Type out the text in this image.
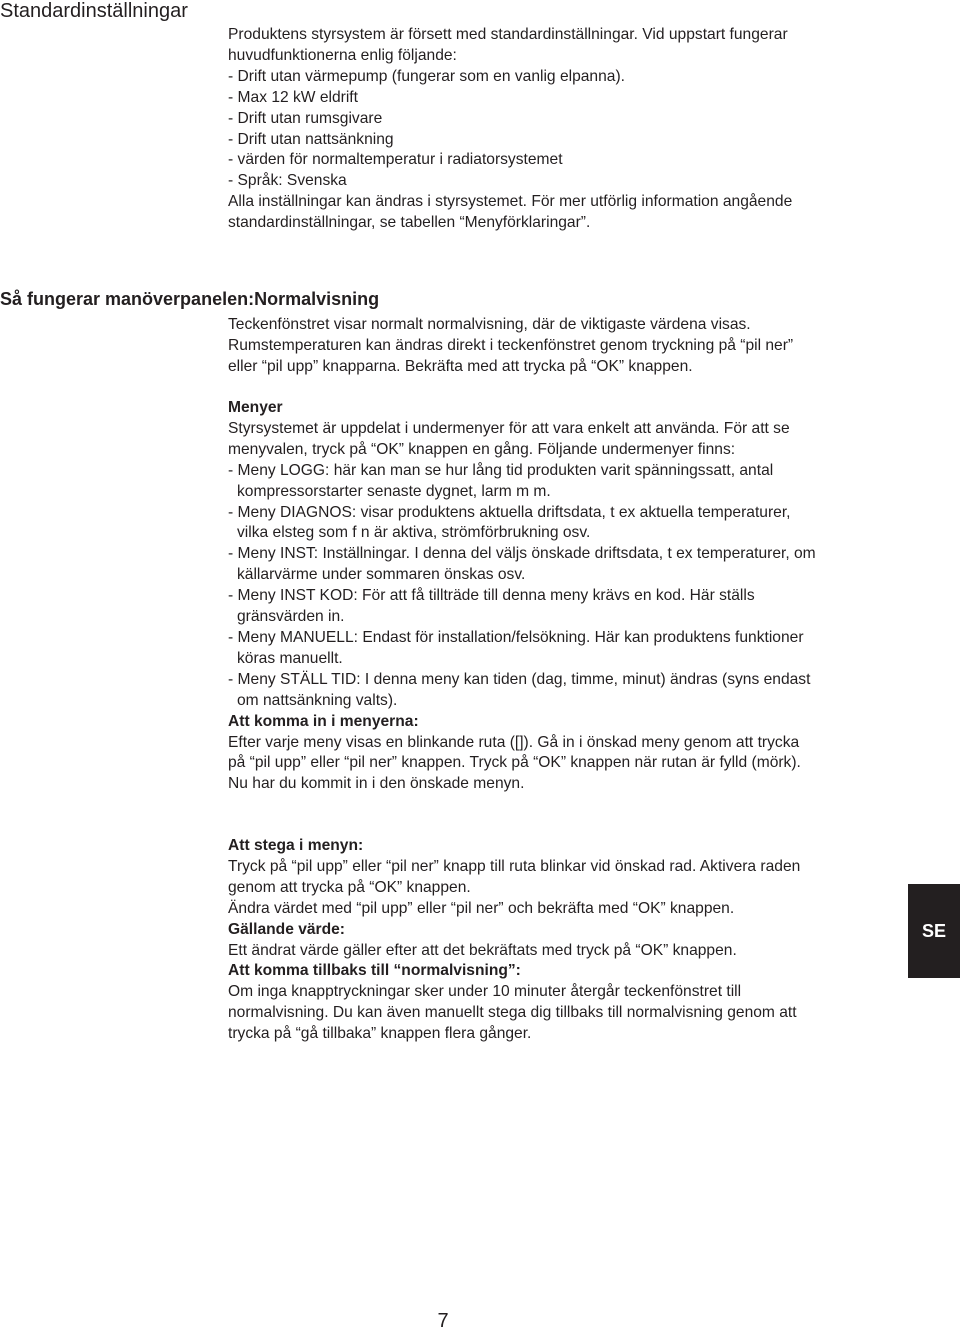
Standardinställningar
Produktens styrsystem är försett med standardinställningar. Vid uppstart fungerar
huvudfunktionerna enlig följande:
- Drift utan värmepump (fungerar som en vanlig elpanna).
- Max 12 kW eldrift
- Drift utan rumsgivare
- Drift utan nattsänkning
- värden för normaltemperatur i radiatorsystemet
- Språk: Svenska
Alla inställningar kan ändras i styrsystemet. För mer utförlig information angående
standardinställningar, se tabellen “Menyförklaringar”.
Så fungerar manöverpanelen:Normalvisning
Teckenfönstret visar normalt normalvisning, där de viktigaste värdena visas.
Rumstemperaturen kan ändras direkt i teckenfönstret genom tryckning på “pil ner”
eller “pil upp” knapparna. Bekräfta med att trycka på “OK” knappen.
Menyer
Styrsystemet är uppdelat i undermenyer för att vara enkelt att använda. För att se
menyvalen, tryck på “OK” knappen en gång. Följande undermenyer finns:
- Meny LOGG: här kan man se hur lång tid produkten varit spänningssatt, antal
kompressorstarter senaste dygnet, larm m m.
- Meny DIAGNOS: visar produktens aktuella driftsdata, t ex aktuella temperaturer,
vilka elsteg som f n är aktiva, strömförbrukning osv.
- Meny INST: Inställningar. I denna del väljs önskade driftsdata, t ex temperaturer, om
källarvärme under sommaren önskas osv.
- Meny INST KOD: För att få tillträde till denna meny krävs en kod. Här ställs
gränsvärden in.
- Meny MANUELL: Endast för installation/felsökning. Här kan produktens funktioner
köras manuellt.
- Meny STÄLL TID: I denna meny kan tiden (dag, timme, minut) ändras (syns endast
om nattsänkning valts).
Att komma in i menyerna:
Efter varje meny visas en blinkande ruta ([]). Gå in i önskad meny genom att trycka
på “pil upp” eller “pil ner” knappen. Tryck på “OK” knappen när rutan är fylld (mörk).
Nu har du kommit in i den önskade menyn.
Att stega i menyn:
Tryck på “pil upp” eller “pil ner” knapp till ruta blinkar vid önskad rad. Aktivera raden
genom att trycka på “OK” knappen.
Ändra värdet med “pil upp” eller “pil ner” och bekräfta med “OK” knappen.
Gällande värde:
Ett ändrat värde gäller efter att det bekräftats med tryck på “OK” knappen.
Att komma tillbaks till “normalvisning”:
Om inga knapptryckningar sker under 10 minuter återgår teckenfönstret till
normalvisning. Du kan även manuellt stega dig tillbaks till normalvisning genom att
trycka på “gå tillbaka” knappen flera gånger.
SE
7
